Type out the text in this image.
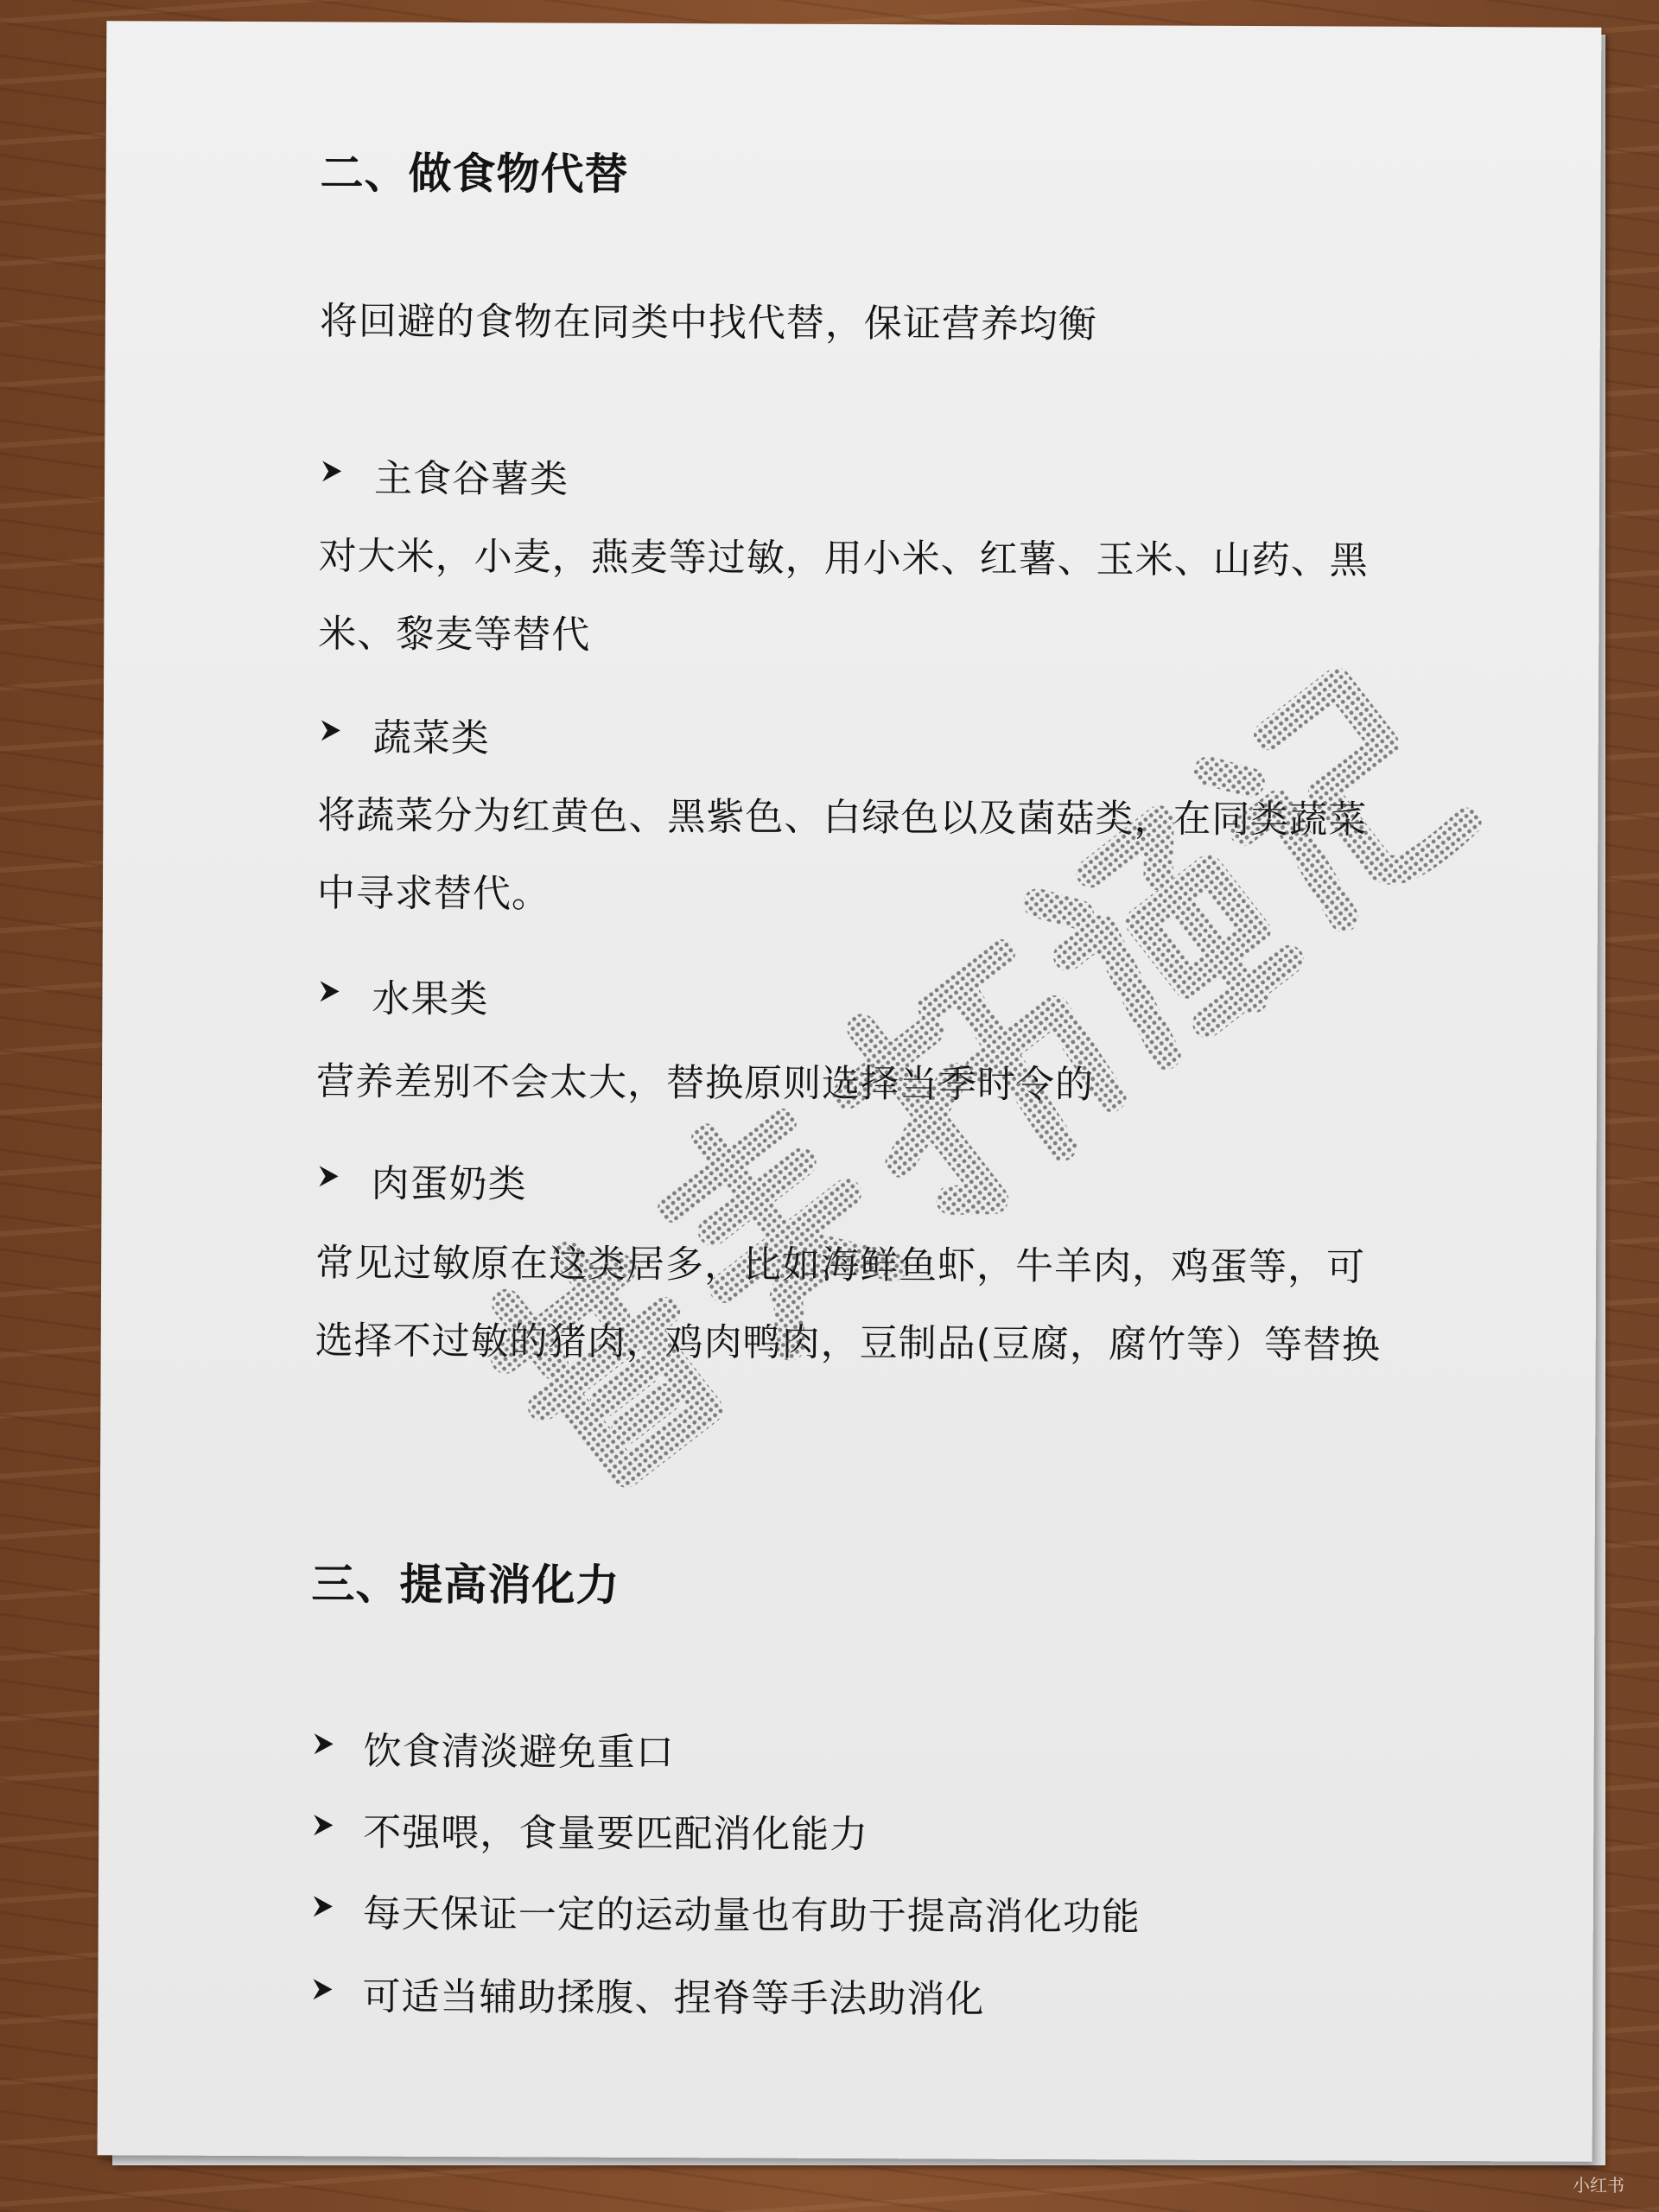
二、做食物代替
将回避的食物在同类中找代替，保证营养均衡
主食谷薯类
对大米，小麦，燕麦等过敏，用小米、红薯、玉米、山药、黑
米、黎麦等替代
蔬菜类
将蔬菜分为红黄色、黑紫色、白绿色以及菌菇类，在同类蔬菜
中寻求替代。
水果类
营养差别不会太大，替换原则选择当季时令的
肉蛋奶类
常见过敏原在这类居多，比如海鲜鱼虾，牛羊肉，鸡蛋等，可
选择不过敏的猪肉，鸡肉鸭肉，豆制品(豆腐，腐竹等）等替换
三、提高消化力
饮食清淡避免重口
不强喂，食量要匹配消化能力
每天保证一定的运动量也有助于提高消化功能
可适当辅助揉腹、捏脊等手法助消化
小红书
